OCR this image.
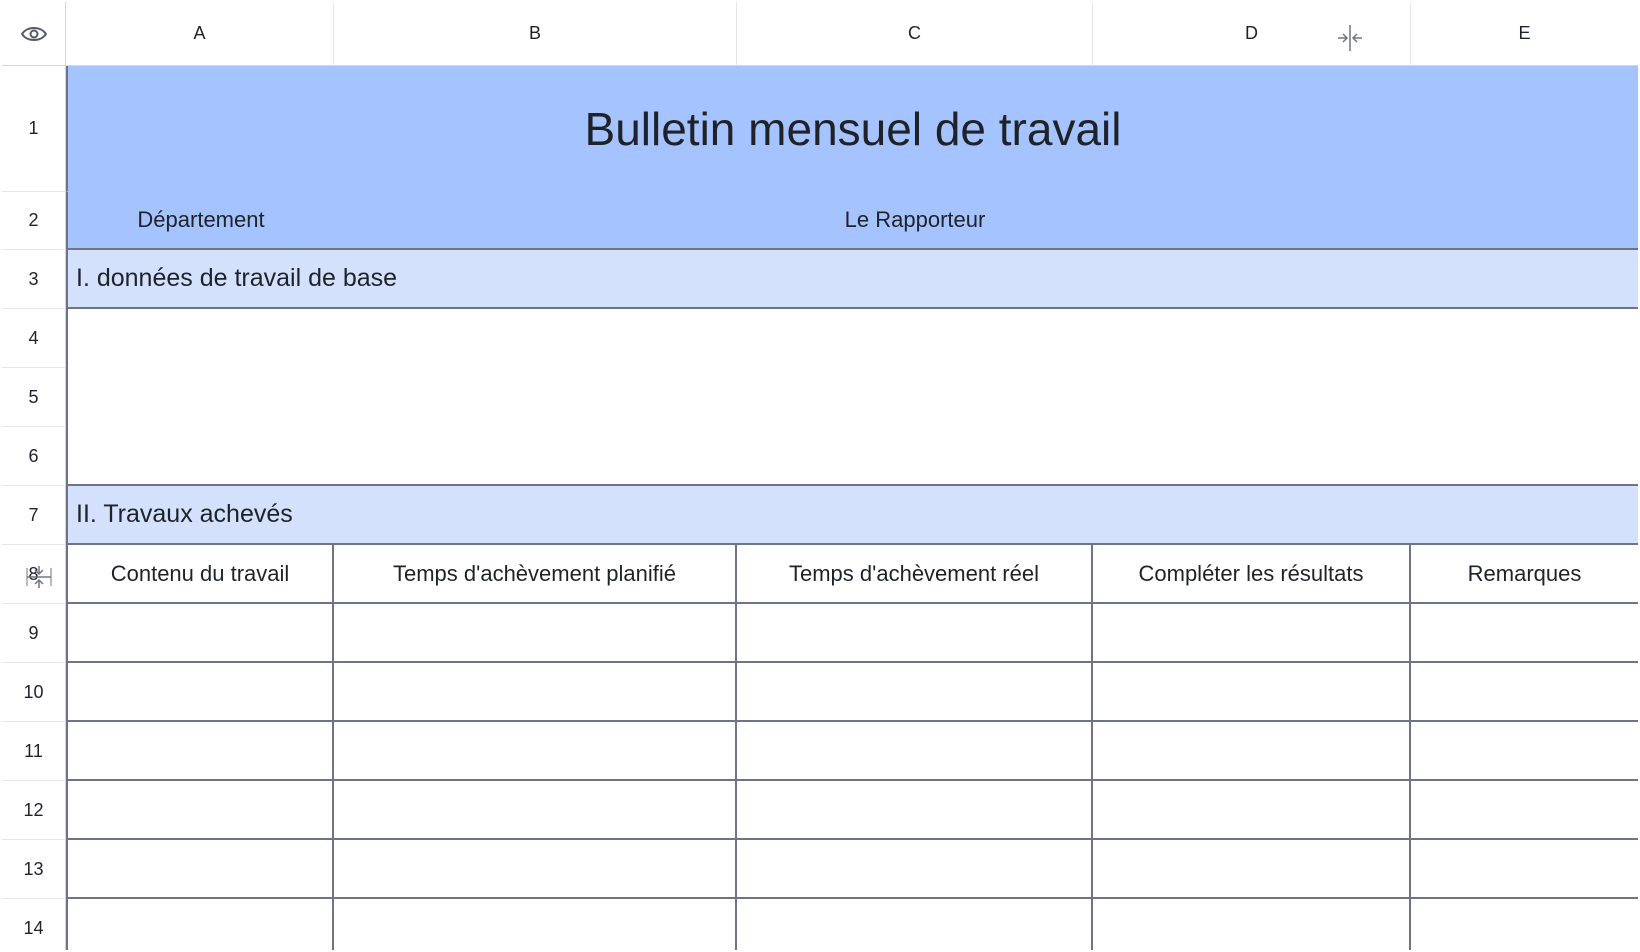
A	B	C	D	E
1
2
3
4
5
6
7
8
9
10
11
12
13
14
Bulletin mensuel de travail
Département	Le Rapporteur
I. données de travail de base
II. Travaux achevés
Contenu du travail	Temps d'achèvement planifié	Temps d'achèvement réel	Compléter les résultats	Remarques
